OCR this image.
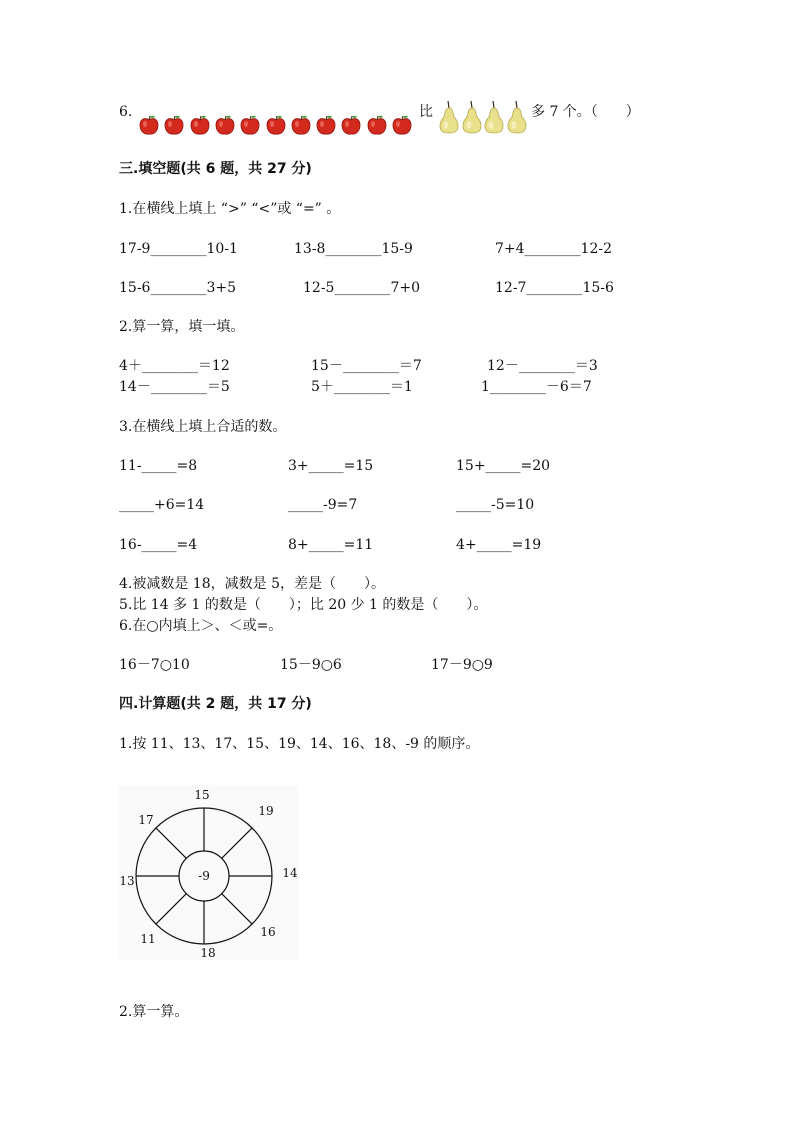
6.	比	多 7 个。（　　）
三.填空题(共 6 题，共 27 分)
1.在横线上填上 “>” “<”或 “=” 。
17-9________10-1	13-8________15-9	7+4________12-2
15-6________3+5	12-5________7+0	12-7________15-6
2.算一算，填一填。
4＋________＝12	15－________＝7	12－________＝3
14－________＝5	5＋________＝1	1________－6＝7
3.在横线上填上合适的数。
11-_____=8	3+_____=15	15+_____=20
_____+6=14	_____-9=7	_____-5=10
16-_____=4	8+_____=11	4+_____=19
4.被减数是 18，减数是 5，差是（　　）。
5.比 14 多 1 的数是（　　）；比 20 少 1 的数是（　　）。
6.在○内填上＞、＜或=。
16－7○10	15－9○6	17－9○9
四.计算题(共 2 题，共 17 分)
1.按 11、13、17、15、19、14、16、18、-9 的顺序。
-9
15
19
14
16
18
11
13
17
2.算一算。
